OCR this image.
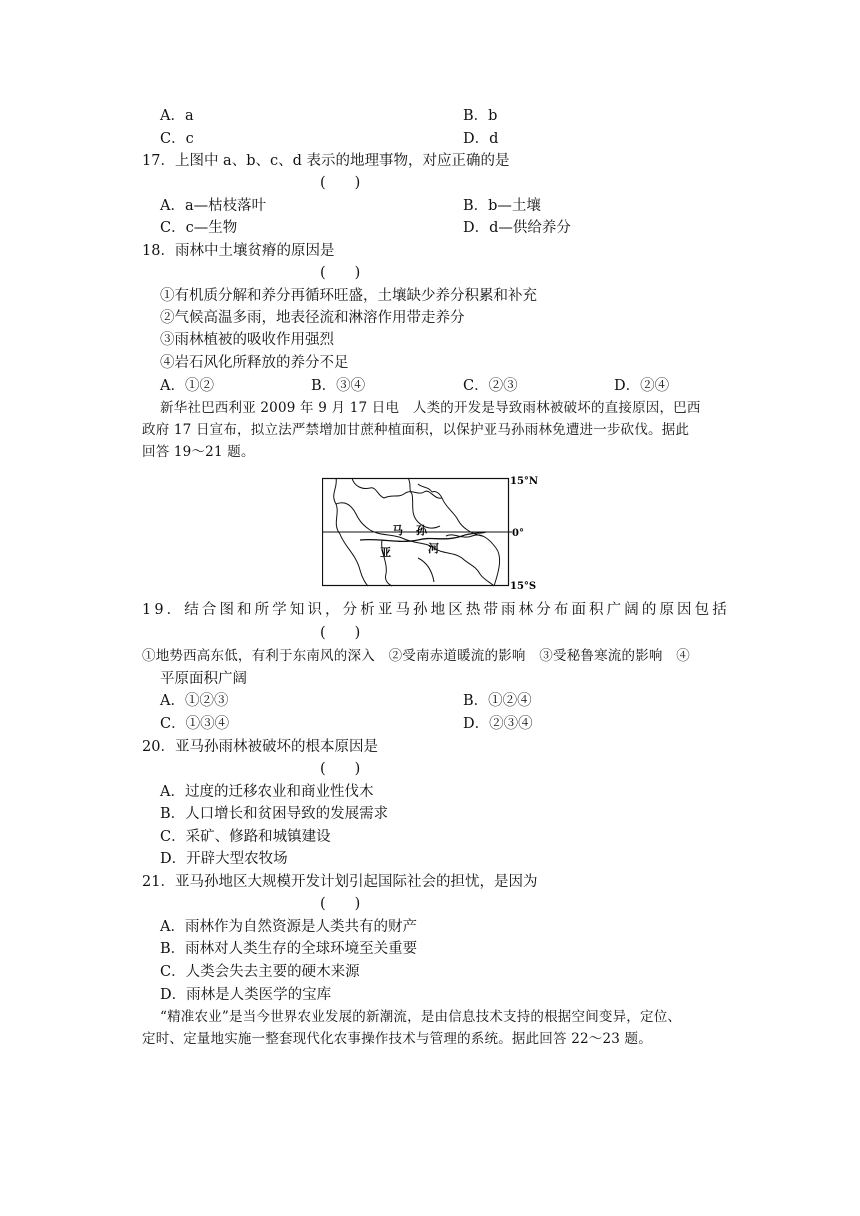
A．a	B．b
C．c	D．d
17．上图中 a、b、c、d 表示的地理事物，对应正确的是
(　　)
A．a—枯枝落叶	B．b—土壤
C．c—生物	D．d—供给养分
18．雨林中土壤贫瘠的原因是
(　　)
①有机质分解和养分再循环旺盛，土壤缺少养分积累和补充
②气候高温多雨，地表径流和淋溶作用带走养分
③雨林植被的吸收作用强烈
④岩石风化所释放的养分不足
A．①②	B．③④	C．②③	D．②④
新华社巴西利亚 2009 年 9 月 17 日电　人类的开发是导致雨林被破坏的直接原因，巴西
政府 17 日宣布，拟立法严禁增加甘蔗种植面积，以保护亚马孙雨林免遭进一步砍伐。据此
回答 19～21 题。
马 孙
亚	河
15°N
0°
15°S
19．结合图和所学知识，分析亚马孙地区热带雨林分布面积广阔的原因包括
(　　)
①地势西高东低，有利于东南风的深入　②受南赤道暖流的影响　③受秘鲁寒流的影响　④
平原面积广阔
A．①②③	B．①②④
C．①③④	D．②③④
20．亚马孙雨林被破坏的根本原因是
(　　)
A．过度的迁移农业和商业性伐木
B．人口增长和贫困导致的发展需求
C．采矿、修路和城镇建设
D．开辟大型农牧场
21．亚马孙地区大规模开发计划引起国际社会的担忧，是因为
(　　)
A．雨林作为自然资源是人类共有的财产
B．雨林对人类生存的全球环境至关重要
C．人类会失去主要的硬木来源
D．雨林是人类医学的宝库
“精准农业”是当今世界农业发展的新潮流，是由信息技术支持的根据空间变异，定位、
定时、定量地实施一整套现代化农事操作技术与管理的系统。据此回答 22～23 题。
